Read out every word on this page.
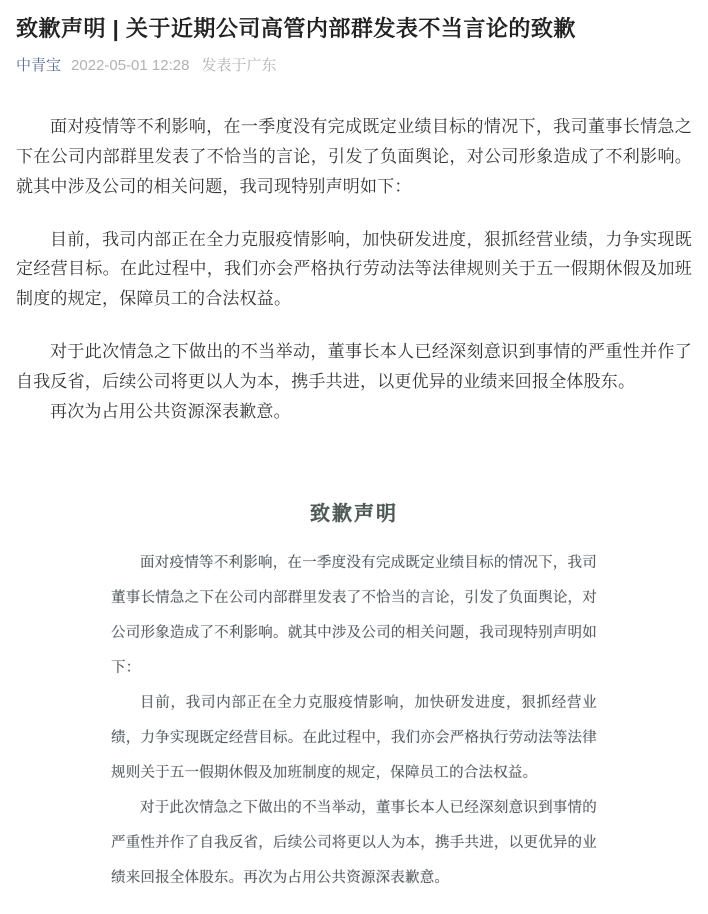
致歉声明 | 关于近期公司高管内部群发表不当言论的致歉
中青宝 2022-05-01 12:28 发表于广东

面对疫情等不利影响，在一季度没有完成既定业绩目标的情况下，我司董事长情急之下在公司内部群里发表了不恰当的言论，引发了负面舆论，对公司形象造成了不利影响。就其中涉及公司的相关问题，我司现特别声明如下：

目前，我司内部正在全力克服疫情影响，加快研发进度，狠抓经营业绩，力争实现既定经营目标。在此过程中，我们亦会严格执行劳动法等法律规则关于五一假期休假及加班制度的规定，保障员工的合法权益。

对于此次情急之下做出的不当举动，董事长本人已经深刻意识到事情的严重性并作了自我反省，后续公司将更以人为本，携手共进，以更优异的业绩来回报全体股东。

再次为占用公共资源深表歉意。

致歉声明

面对疫情等不利影响，在一季度没有完成既定业绩目标的情况下，我司董事长情急之下在公司内部群里发表了不恰当的言论，引发了负面舆论，对公司形象造成了不利影响。就其中涉及公司的相关问题，我司现特别声明如下：

目前，我司内部正在全力克服疫情影响，加快研发进度，狠抓经营业绩，力争实现既定经营目标。在此过程中，我们亦会严格执行劳动法等法律规则关于五一假期休假及加班制度的规定，保障员工的合法权益。

对于此次情急之下做出的不当举动，董事长本人已经深刻意识到事情的严重性并作了自我反省，后续公司将更以人为本，携手共进，以更优异的业绩来回报全体股东。再次为占用公共资源深表歉意。
